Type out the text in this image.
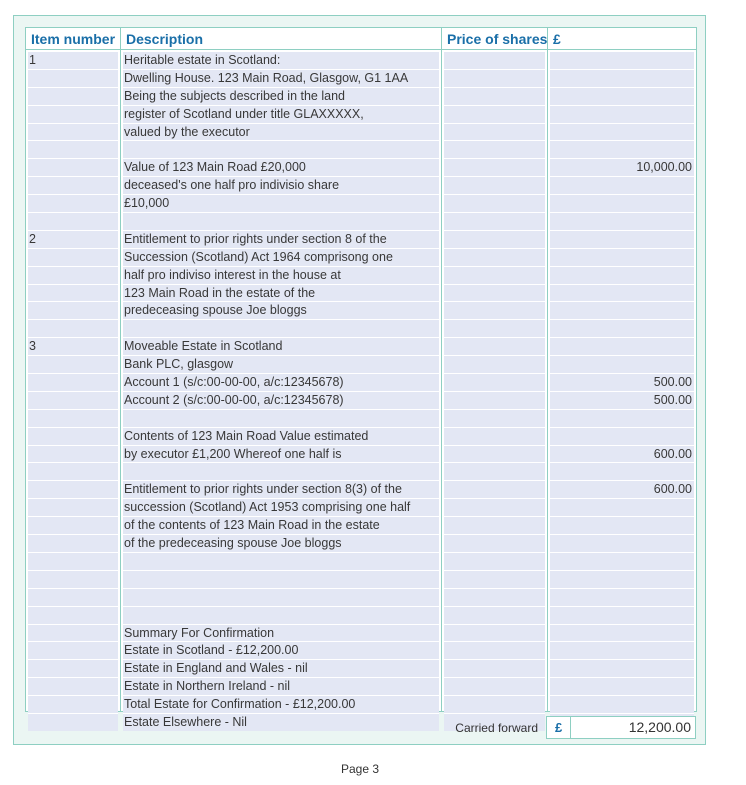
Item number Description	Price of shares £
1
2
3
Heritable estate in Scotland:
Dwelling House. 123 Main Road, Glasgow, G1 1AA
Being the subjects described in the land
register of Scotland under title GLAXXXXX,
valued by the executor
Value of 123 Main Road £20,000
deceased's one half pro indivisio share
£10,000
Entitlement to prior rights under section 8 of the
Succession (Scotland) Act 1964 comprisong one
half pro indiviso interest in the house at
123 Main Road in the estate of the
predeceasing spouse Joe bloggs
Moveable Estate in Scotland
Bank PLC, glasgow
Account 1 (s/c:00-00-00, a/c:12345678)
Account 2 (s/c:00-00-00, a/c:12345678)
Contents of 123 Main Road Value estimated
by executor £1,200 Whereof one half is
Entitlement to prior rights under section 8(3) of the
succession (Scotland) Act 1953 comprising one half
of the contents of 123 Main Road in the estate
of the predeceasing spouse Joe bloggs
Summary For Confirmation
Estate in Scotland - £12,200.00
Estate in England and Wales - nil
Estate in Northern Ireland - nil
Total Estate for Confirmation - £12,200.00
Estate Elsewhere - Nil
10,000.00
500.00
500.00
600.00
600.00
Carried forward £	12,200.00
Page 3
